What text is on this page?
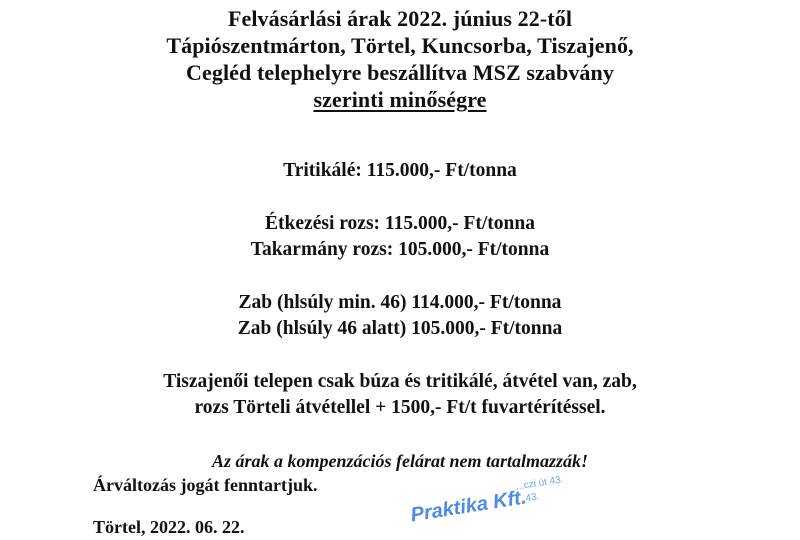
Felvásárlási árak 2022. június 22-től
Tápiószentmárton, Törtel, Kuncsorba, Tiszajenő,
Cegléd telephelyre beszállítva MSZ szabvány
szerinti minőségre
Tritikálé: 115.000,- Ft/tonna
Étkezési rozs: 115.000,- Ft/tonna
Takarmány rozs: 105.000,- Ft/tonna
Zab (hlsúly min. 46) 114.000,- Ft/tonna
Zab (hlsúly 46 alatt) 105.000,- Ft/tonna
Tiszajenői telepen csak búza és tritikálé, átvétel van, zab,
rozs Törteli átvétellel + 1500,- Ft/t fuvartérítéssel.
Az árak a kompenzációs felárat nem tartalmazzák!
Árváltozás jogát fenntartjuk.
Törtel, 2022. 06. 22.
...czi út 43.
43.
Praktika Kft.
